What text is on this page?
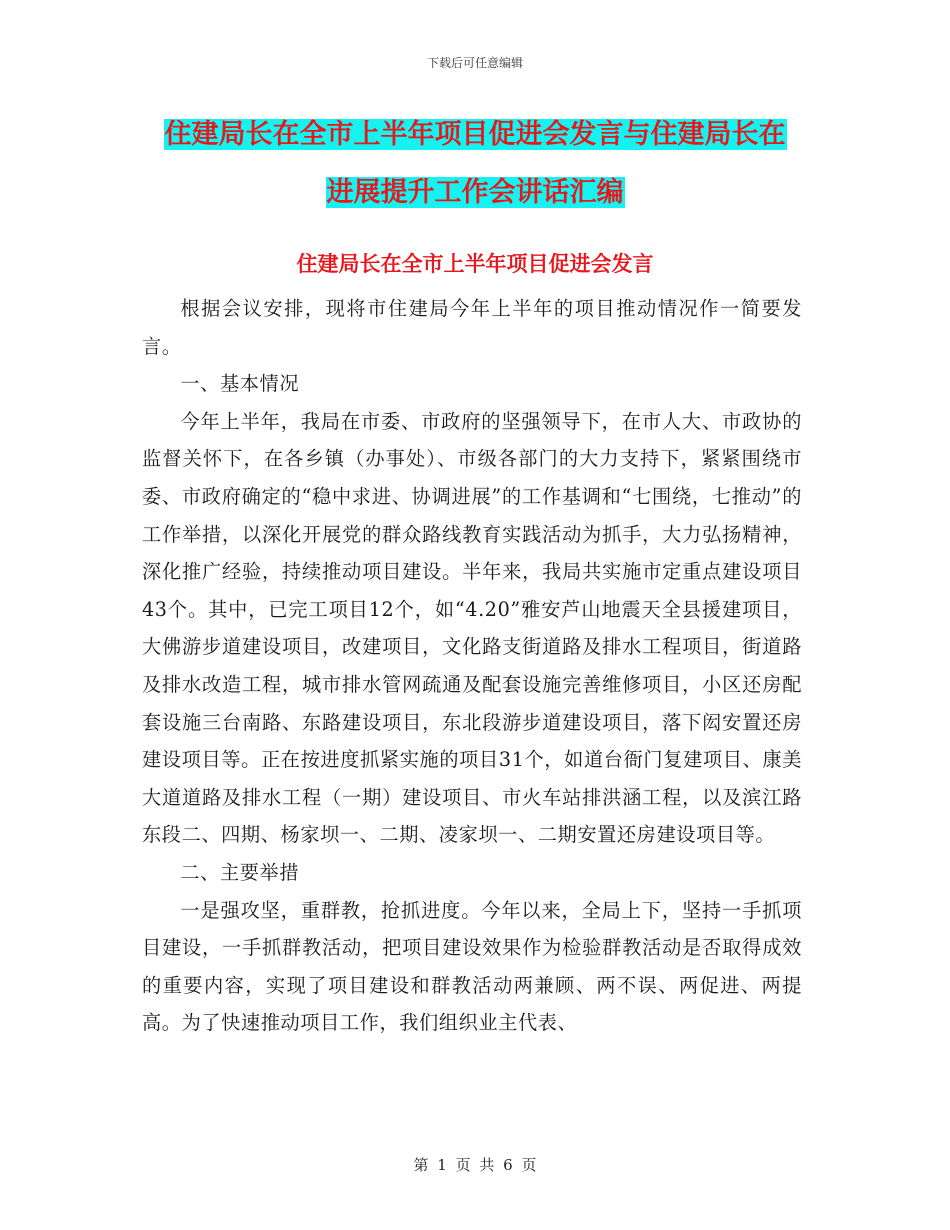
下载后可任意编辑
住建局长在全市上半年项目促进会发言与住建局长在
进展提升工作会讲话汇编
住建局长在全市上半年项目促进会发言

根据会议安排，现将市住建局今年上半年的项目推动情况作一简要发言。

一、基本情况

今年上半年，我局在市委、市政府的坚强领导下，在市人大、市政协的监督关怀下，在各乡镇（办事处）、市级各部门的大力支持下，紧紧围绕市委、市政府确定的“稳中求进、协调进展”的工作基调和“七围绕，七推动”的工作举措，以深化开展党的群众路线教育实践活动为抓手，大力弘扬精神，深化推广经验，持续推动项目建设。半年来，我局共实施市定重点建设项目43个。其中，已完工项目12个，如“4.20”雅安芦山地震天全县援建项目，大佛游步道建设项目，改建项目，文化路支街道路及排水工程项目，街道路及排水改造工程，城市排水管网疏通及配套设施完善维修项目，小区还房配套设施三台南路、东路建设项目，东北段游步道建设项目，落下闳安置还房建设项目等。正在按进度抓紧实施的项目31个，如道台衙门复建项目、康美大道道路及排水工程（一期）建设项目、市火车站排洪涵工程，以及滨江路东段二、四期、杨家坝一、二期、凌家坝一、二期安置还房建设项目等。

二、主要举措

一是强攻坚，重群教，抢抓进度。今年以来，全局上下，坚持一手抓项目建设，一手抓群教活动，把项目建设效果作为检验群教活动是否取得成效的重要内容，实现了项目建设和群教活动两兼顾、两不误、两促进、两提高。为了快速推动项目工作，我们组织业主代表、

第 1 页 共 6 页
